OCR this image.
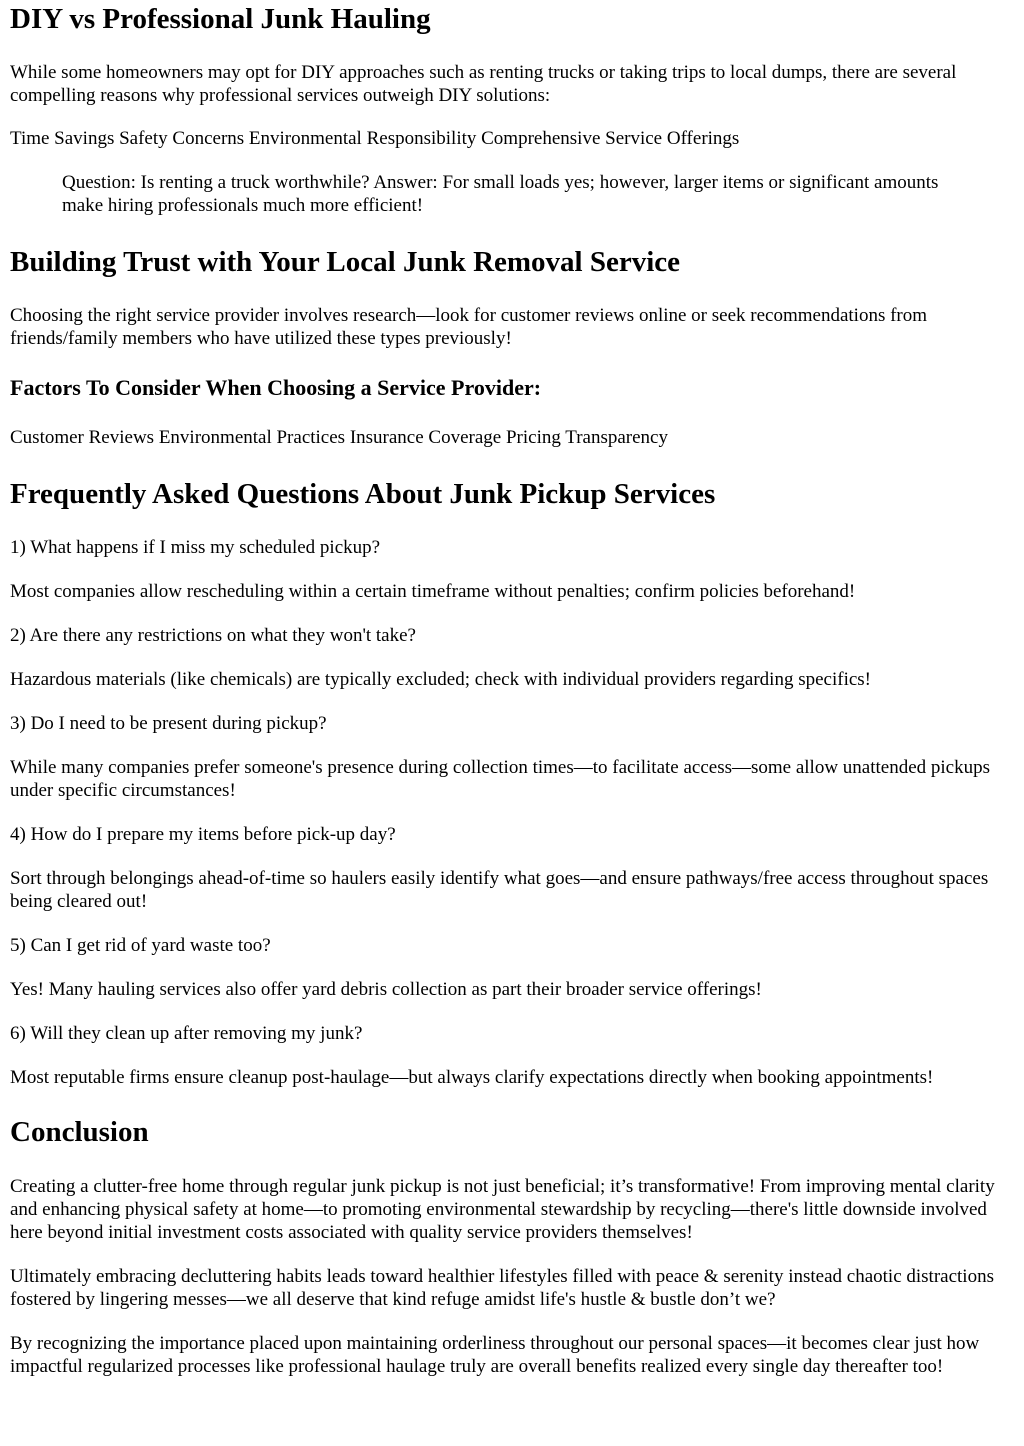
DIY vs Professional Junk Hauling

While some homeowners may opt for DIY approaches such as renting trucks or taking trips to local dumps, there are several compelling reasons why professional services outweigh DIY solutions:

Time Savings Safety Concerns Environmental Responsibility Comprehensive Service Offerings

Question: Is renting a truck worthwhile? Answer: For small loads yes; however, larger items or significant amounts make hiring professionals much more efficient!
Building Trust with Your Local Junk Removal Service

Choosing the right service provider involves research—look for customer reviews online or seek recommendations from friends/family members who have utilized these types previously!

Factors To Consider When Choosing a Service Provider:

Customer Reviews Environmental Practices Insurance Coverage Pricing Transparency

Frequently Asked Questions About Junk Pickup Services

1) What happens if I miss my scheduled pickup?

Most companies allow rescheduling within a certain timeframe without penalties; confirm policies beforehand!

2) Are there any restrictions on what they won't take?

Hazardous materials (like chemicals) are typically excluded; check with individual providers regarding specifics!

3) Do I need to be present during pickup?

While many companies prefer someone's presence during collection times—to facilitate access—some allow unattended pickups under specific circumstances!

4) How do I prepare my items before pick-up day?

Sort through belongings ahead-of-time so haulers easily identify what goes—and ensure pathways/free access throughout spaces being cleared out!

5) Can I get rid of yard waste too?

Yes! Many hauling services also offer yard debris collection as part their broader service offerings!

6) Will they clean up after removing my junk?

Most reputable firms ensure cleanup post-haulage—but always clarify expectations directly when booking appointments!

Conclusion

Creating a clutter-free home through regular junk pickup is not just beneficial; it’s transformative! From improving mental clarity and enhancing physical safety at home—to promoting environmental stewardship by recycling—there's little downside involved here beyond initial investment costs associated with quality service providers themselves!

Ultimately embracing decluttering habits leads toward healthier lifestyles filled with peace & serenity instead chaotic distractions fostered by lingering messes—we all deserve that kind refuge amidst life's hustle & bustle don’t we?

By recognizing the importance placed upon maintaining orderliness throughout our personal spaces—it becomes clear just how impactful regularized processes like professional haulage truly are overall benefits realized every single day thereafter too!
